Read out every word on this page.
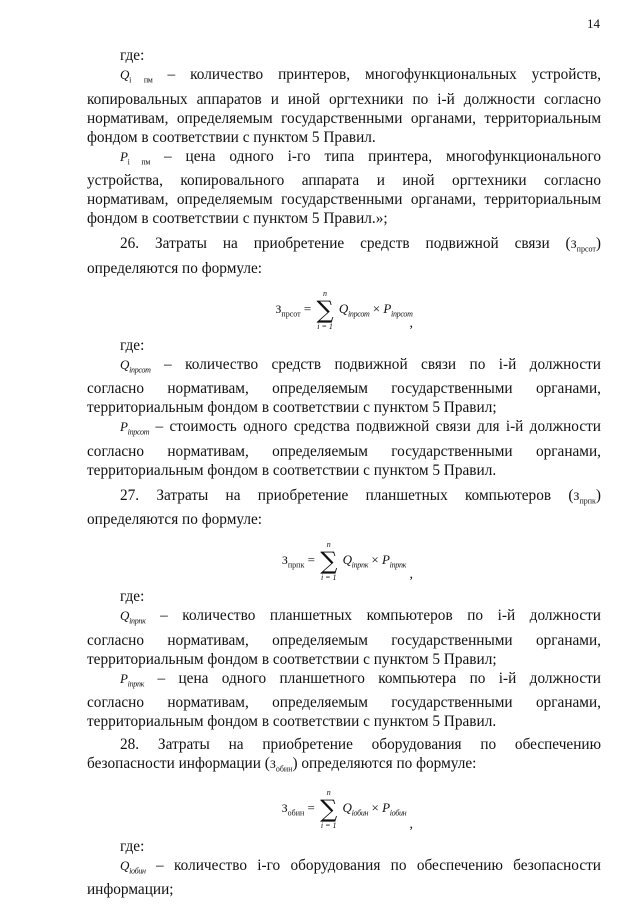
14

где:

$Q_{i пм}$ – количество принтеров, многофункциональных устройств,

копировальных аппаратов и иной оргтехники по i-й должности согласно

нормативам, определяемым государственными органами, территориальным

фондом в соответствии с пунктом 5 Правил.

$P_{i пм}$ – цена одного i-го типа принтера, многофункционального

устройства, копировального аппарата и иной оргтехники согласно

нормативам, определяемым государственными органами, территориальным

фондом в соответствии с пунктом 5 Правил.»;

26. Затраты на приобретение средств подвижной связи $(З_{прсот})$

определяются по формуле:

$З_{прсот}$ =
n
∑
i = 1
$Q_{iпрсот} \times P_{iпрсот}$
,

где:

$Q_{iпрсот}$ – количество средств подвижной связи по i-й должности

согласно нормативам, определяемым государственными органами,

территориальным фондом в соответствии с пунктом 5 Правил;

$P_{iпрсот}$ – стоимость одного средства подвижной связи для i-й должности

согласно нормативам, определяемым государственными органами,

территориальным фондом в соответствии с пунктом 5 Правил.

27. Затраты на приобретение планшетных компьютеров $(З_{прпк})$

определяются по формуле:

$З_{прпк}$ =
n
∑
i = 1
$Q_{iпрпк} \times P_{iпрпк}$
,

где:

$Q_{iпрпк}$ – количество планшетных компьютеров по i-й должности

согласно нормативам, определяемым государственными органами,

территориальным фондом в соответствии с пунктом 5 Правил;

$P_{iпрпк}$ – цена одного планшетного компьютера по i-й должности

согласно нормативам, определяемым государственными органами,

территориальным фондом в соответствии с пунктом 5 Правил.

28. Затраты на приобретение оборудования по обеспечению

безопасности информации $(З_{обин})$ определяются по формуле:

$З_{обин}$ =
n
∑
i = 1
$Q_{iобин} \times P_{iобин}$
,

где:

$Q_{iобин}$ – количество i-го оборудования по обеспечению безопасности

информации;
